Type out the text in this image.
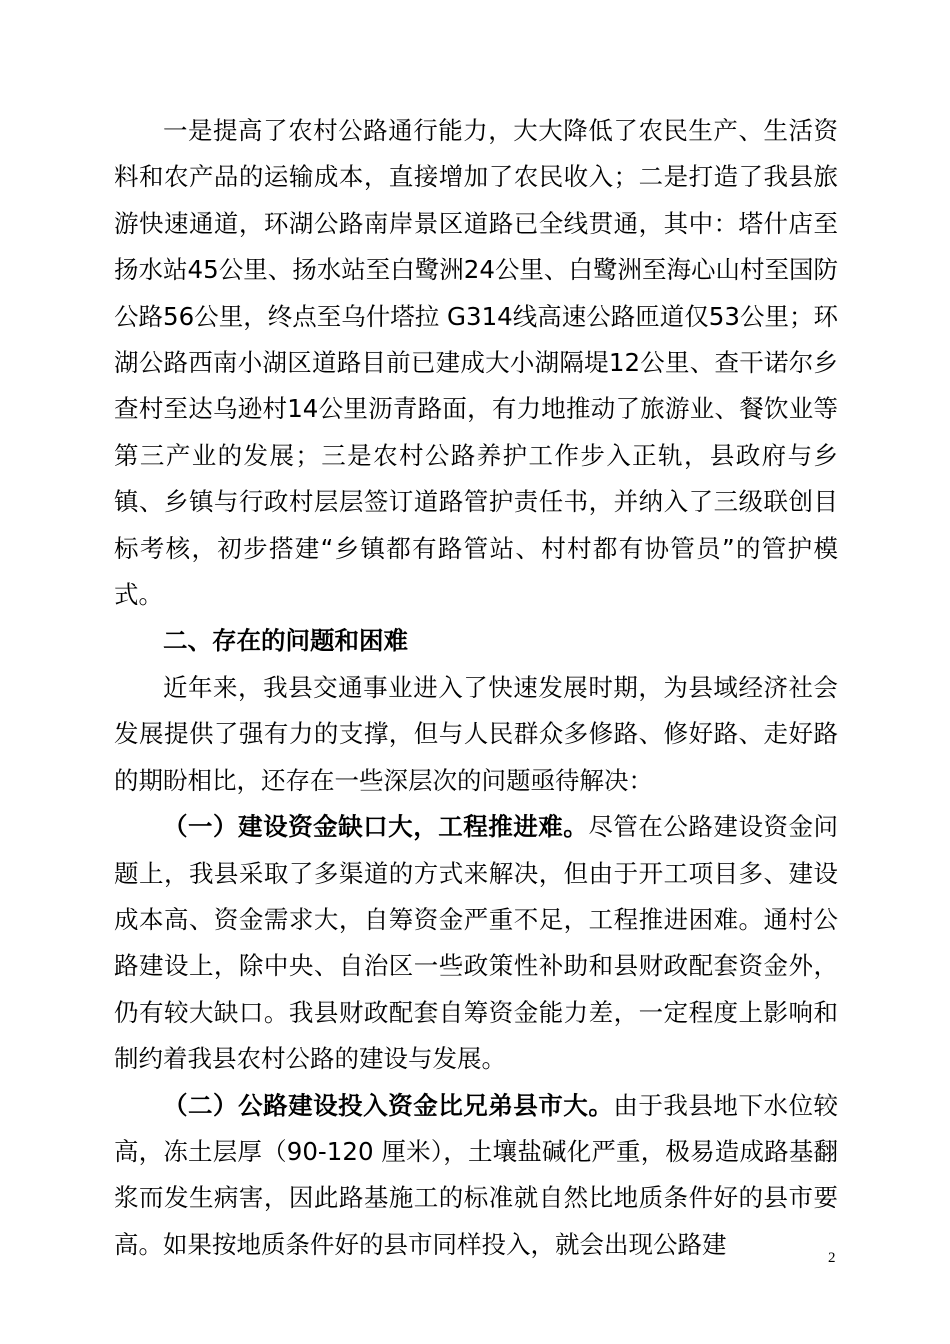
一是提高了农村公路通行能力，大大降低了农民生产、生活资料和农产品的运输成本，直接增加了农民收入；二是打造了我县旅游快速通道，环湖公路南岸景区道路已全线贯通，其中：塔什店至扬水站45公里、扬水站至白鹭洲24公里、白鹭洲至海心山村至国防公路56公里，终点至乌什塔拉 G314线高速公路匝道仅53公里；环湖公路西南小湖区道路目前已建成大小湖隔堤12公里、查干诺尔乡查村至达乌逊村14公里沥青路面，有力地推动了旅游业、餐饮业等第三产业的发展；三是农村公路养护工作步入正轨，县政府与乡镇、乡镇与行政村层层签订道路管护责任书，并纳入了三级联创目标考核，初步搭建“乡镇都有路管站、村村都有协管员”的管护模式。

二、存在的问题和困难

近年来，我县交通事业进入了快速发展时期，为县域经济社会发展提供了强有力的支撑，但与人民群众多修路、修好路、走好路的期盼相比，还存在一些深层次的问题亟待解决：

（一）建设资金缺口大，工程推进难。尽管在公路建设资金问题上，我县采取了多渠道的方式来解决，但由于开工项目多、建设成本高、资金需求大，自筹资金严重不足，工程推进困难。通村公路建设上，除中央、自治区一些政策性补助和县财政配套资金外，仍有较大缺口。我县财政配套自筹资金能力差，一定程度上影响和制约着我县农村公路的建设与发展。

（二）公路建设投入资金比兄弟县市大。由于我县地下水位较高，冻土层厚（90-120 厘米），土壤盐碱化严重，极易造成路基翻浆而发生病害，因此路基施工的标准就自然比地质条件好的县市要高。如果按地质条件好的县市同样投入，就会出现公路建	2
